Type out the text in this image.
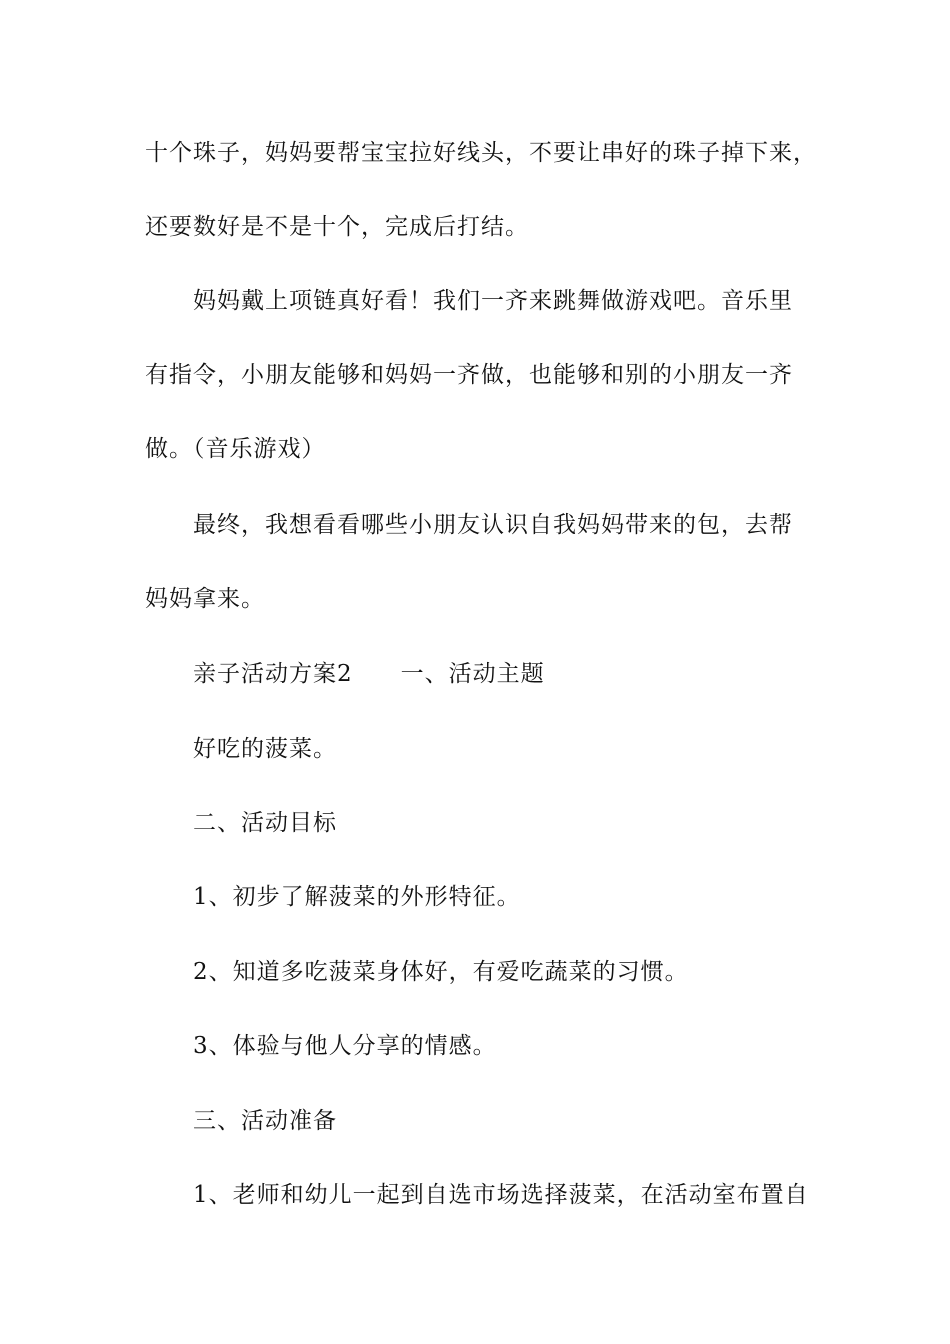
十个珠子，妈妈要帮宝宝拉好线头，不要让串好的珠子掉下来，
还要数好是不是十个，完成后打结。
妈妈戴上项链真好看！我们一齐来跳舞做游戏吧。音乐里
有指令，小朋友能够和妈妈一齐做，也能够和别的小朋友一齐
做。（音乐游戏）
最终，我想看看哪些小朋友认识自我妈妈带来的包，去帮
妈妈拿来。
亲子活动方案2　　一、活动主题
好吃的菠菜。
二、活动目标
1、初步了解菠菜的外形特征。
2、知道多吃菠菜身体好，有爱吃蔬菜的习惯。
3、体验与他人分享的情感。
三、活动准备
1、老师和幼儿一起到自选市场选择菠菜，在活动室布置自
